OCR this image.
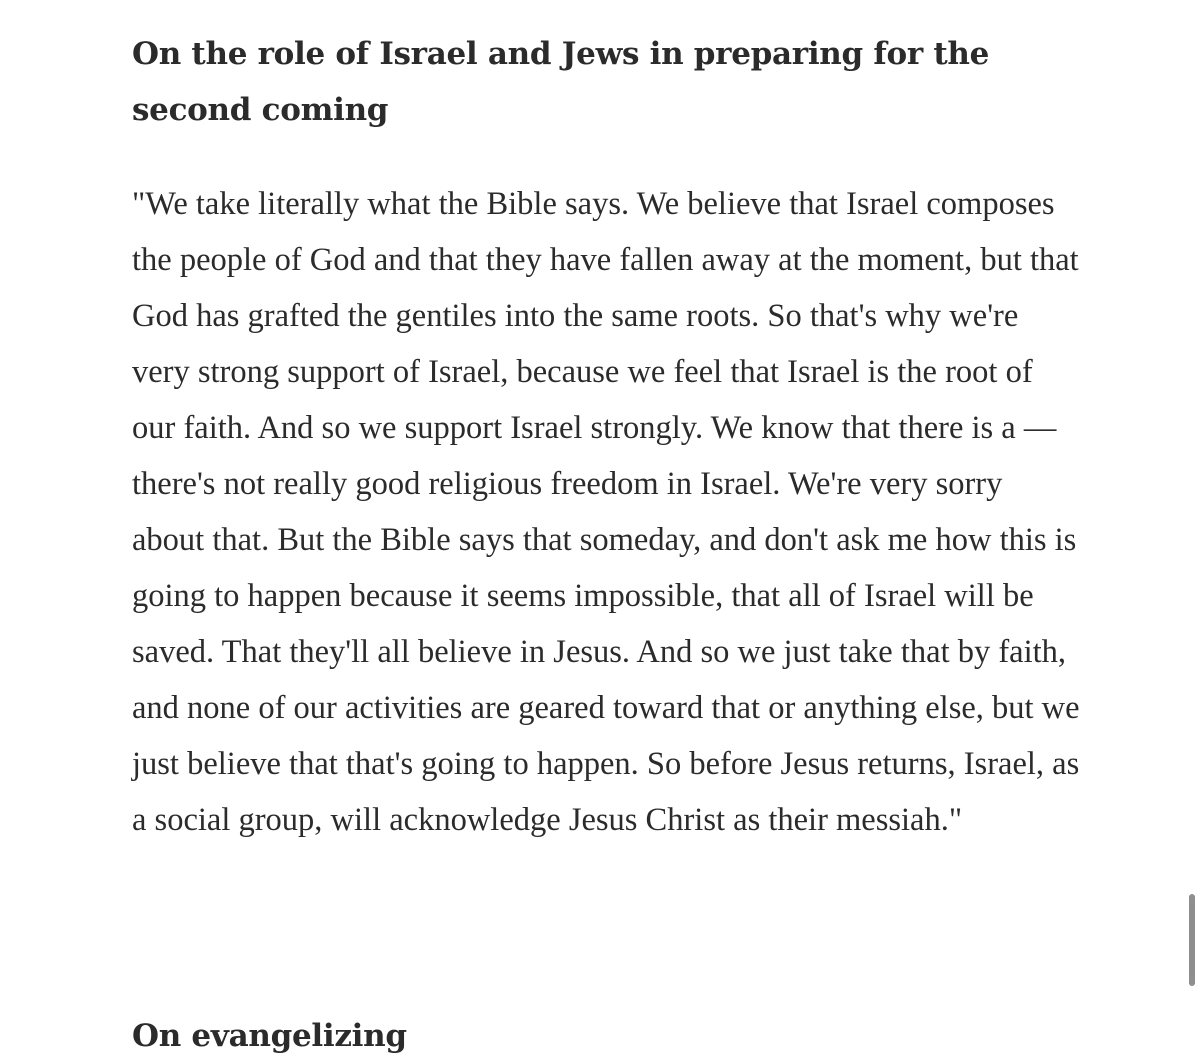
On the role of Israel and Jews in preparing for the second coming

"We take literally what the Bible says. We believe that Israel composes the people of God and that they have fallen away at the moment, but that God has grafted the gentiles into the same roots. So that's why we're very strong support of Israel, because we feel that Israel is the root of our faith. And so we support Israel strongly. We know that there is a — there's not really good religious freedom in Israel. We're very sorry about that. But the Bible says that someday, and don't ask me how this is going to happen because it seems impossible, that all of Israel will be saved. That they'll all believe in Jesus. And so we just take that by faith, and none of our activities are geared toward that or anything else, but we just believe that that's going to happen. So before Jesus returns, Israel, as a social group, will acknowledge Jesus Christ as their messiah."

On evangelizing
